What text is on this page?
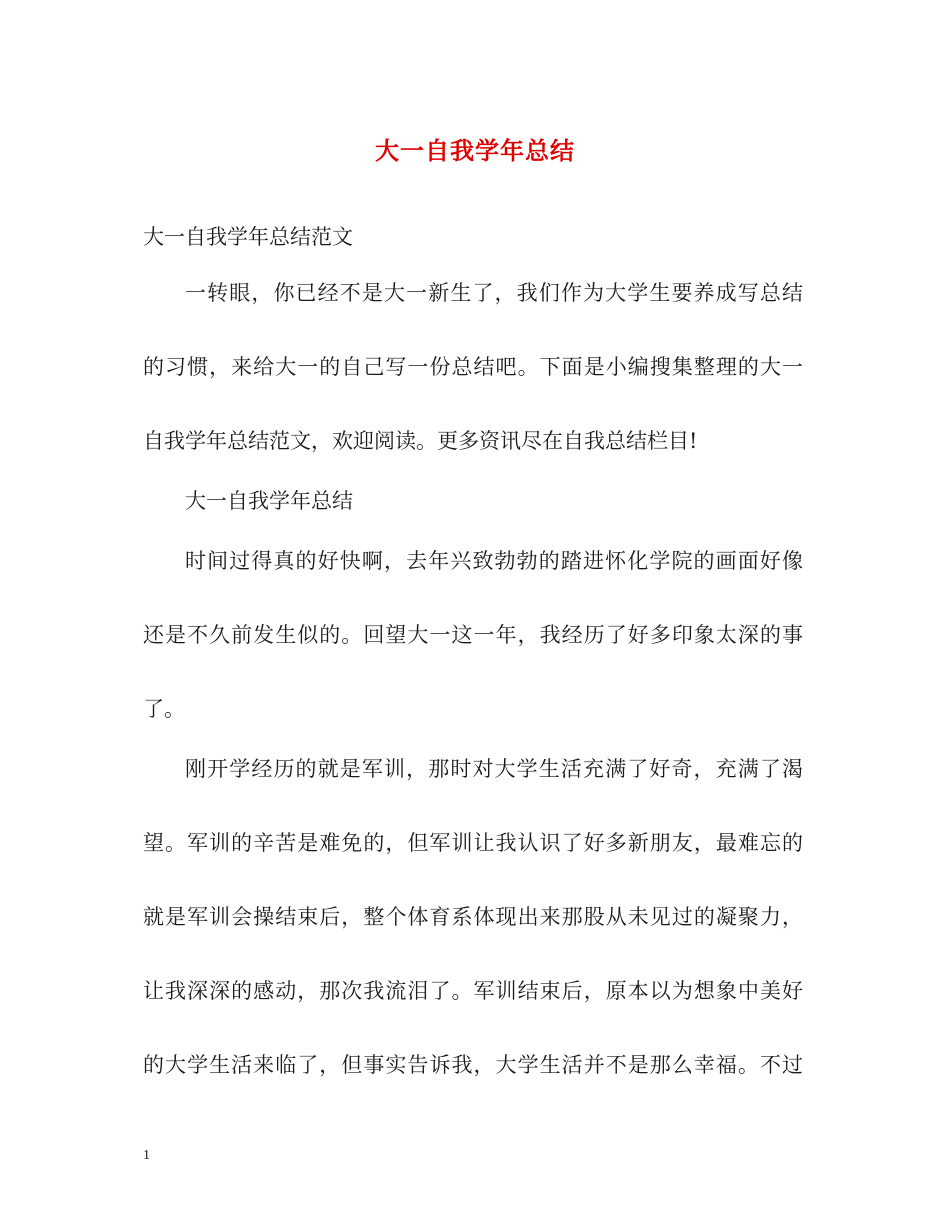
大一自我学年总结
大一自我学年总结范文
一转眼，你已经不是大一新生了，我们作为大学生要养成写总结
的习惯，来给大一的自己写一份总结吧。下面是小编搜集整理的大一
自我学年总结范文，欢迎阅读。更多资讯尽在自我总结栏目!
大一自我学年总结
时间过得真的好快啊，去年兴致勃勃的踏进怀化学院的画面好像
还是不久前发生似的。回望大一这一年，我经历了好多印象太深的事
了。
刚开学经历的就是军训，那时对大学生活充满了好奇，充满了渴
望。军训的辛苦是难免的，但军训让我认识了好多新朋友，最难忘的
就是军训会操结束后，整个体育系体现出来那股从未见过的凝聚力，
让我深深的感动，那次我流泪了。军训结束后，原本以为想象中美好
的大学生活来临了，但事实告诉我，大学生活并不是那么幸福。不过
1
